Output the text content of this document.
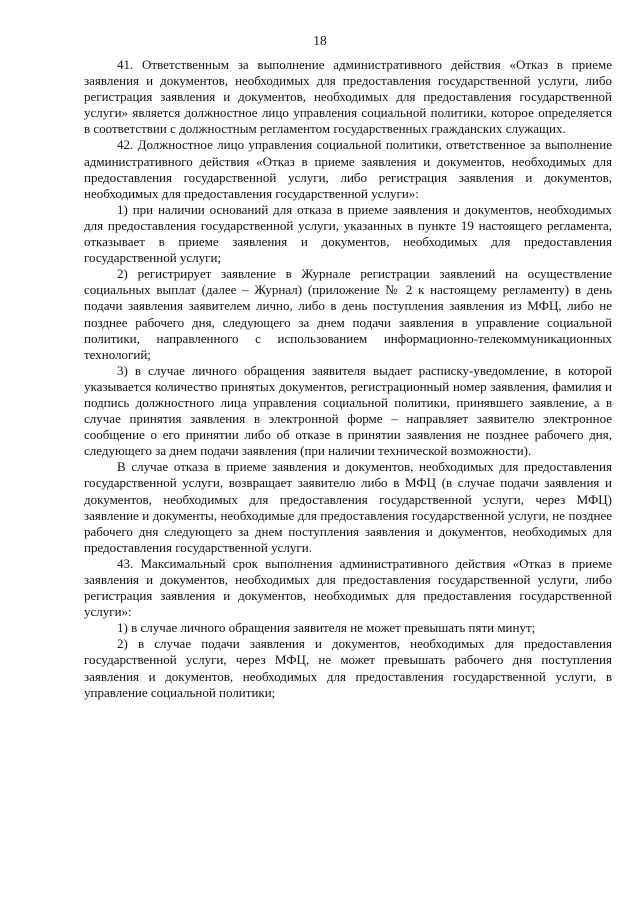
18

41. Ответственным за выполнение административного действия «Отказ в приеме заявления и документов, необходимых для предоставления государственной услуги, либо регистрация заявления и документов, необходимых для предоставления государственной услуги» является должностное лицо управления социальной политики, которое определяется в соответствии с должностным регламентом государственных гражданских служащих.

42. Должностное лицо управления социальной политики, ответственное за выполнение административного действия «Отказ в приеме заявления и документов, необходимых для предоставления государственной услуги, либо регистрация заявления и документов, необходимых для предоставления государственной услуги»:

1) при наличии оснований для отказа в приеме заявления и документов, необходимых для предоставления государственной услуги, указанных в пункте 19 настоящего регламента, отказывает в приеме заявления и документов, необходимых для предоставления государственной услуги;

2) регистрирует заявление в Журнале регистрации заявлений на осуществление социальных выплат (далее – Журнал) (приложение № 2 к настоящему регламенту) в день подачи заявления заявителем лично, либо в день поступления заявления из МФЦ, либо не позднее рабочего дня, следующего за днем подачи заявления в управление социальной политики, направленного с использованием информационно-телекоммуникационных технологий;

3) в случае личного обращения заявителя выдает расписку-уведомление, в которой указывается количество принятых документов, регистрационный номер заявления, фамилия и подпись должностного лица управления социальной политики, принявшего заявление, а в случае принятия заявления в электронной форме – направляет заявителю электронное сообщение о его принятии либо об отказе в принятии заявления не позднее рабочего дня, следующего за днем подачи заявления (при наличии технической возможности).

В случае отказа в приеме заявления и документов, необходимых для предоставления государственной услуги, возвращает заявителю либо в МФЦ (в случае подачи заявления и документов, необходимых для предоставления государственной услуги, через МФЦ) заявление и документы, необходимые для предоставления государственной услуги, не позднее рабочего дня следующего за днем поступления заявления и документов, необходимых для предоставления государственной услуги.

43. Максимальный срок выполнения административного действия «Отказ в приеме заявления и документов, необходимых для предоставления государственной услуги, либо регистрация заявления и документов, необходимых для предоставления государственной услуги»:

1) в случае личного обращения заявителя не может превышать пяти минут;

2) в случае подачи заявления и документов, необходимых для предоставления государственной услуги, через МФЦ, не может превышать рабочего дня поступления заявления и документов, необходимых для предоставления государственной услуги, в управление социальной политики;
